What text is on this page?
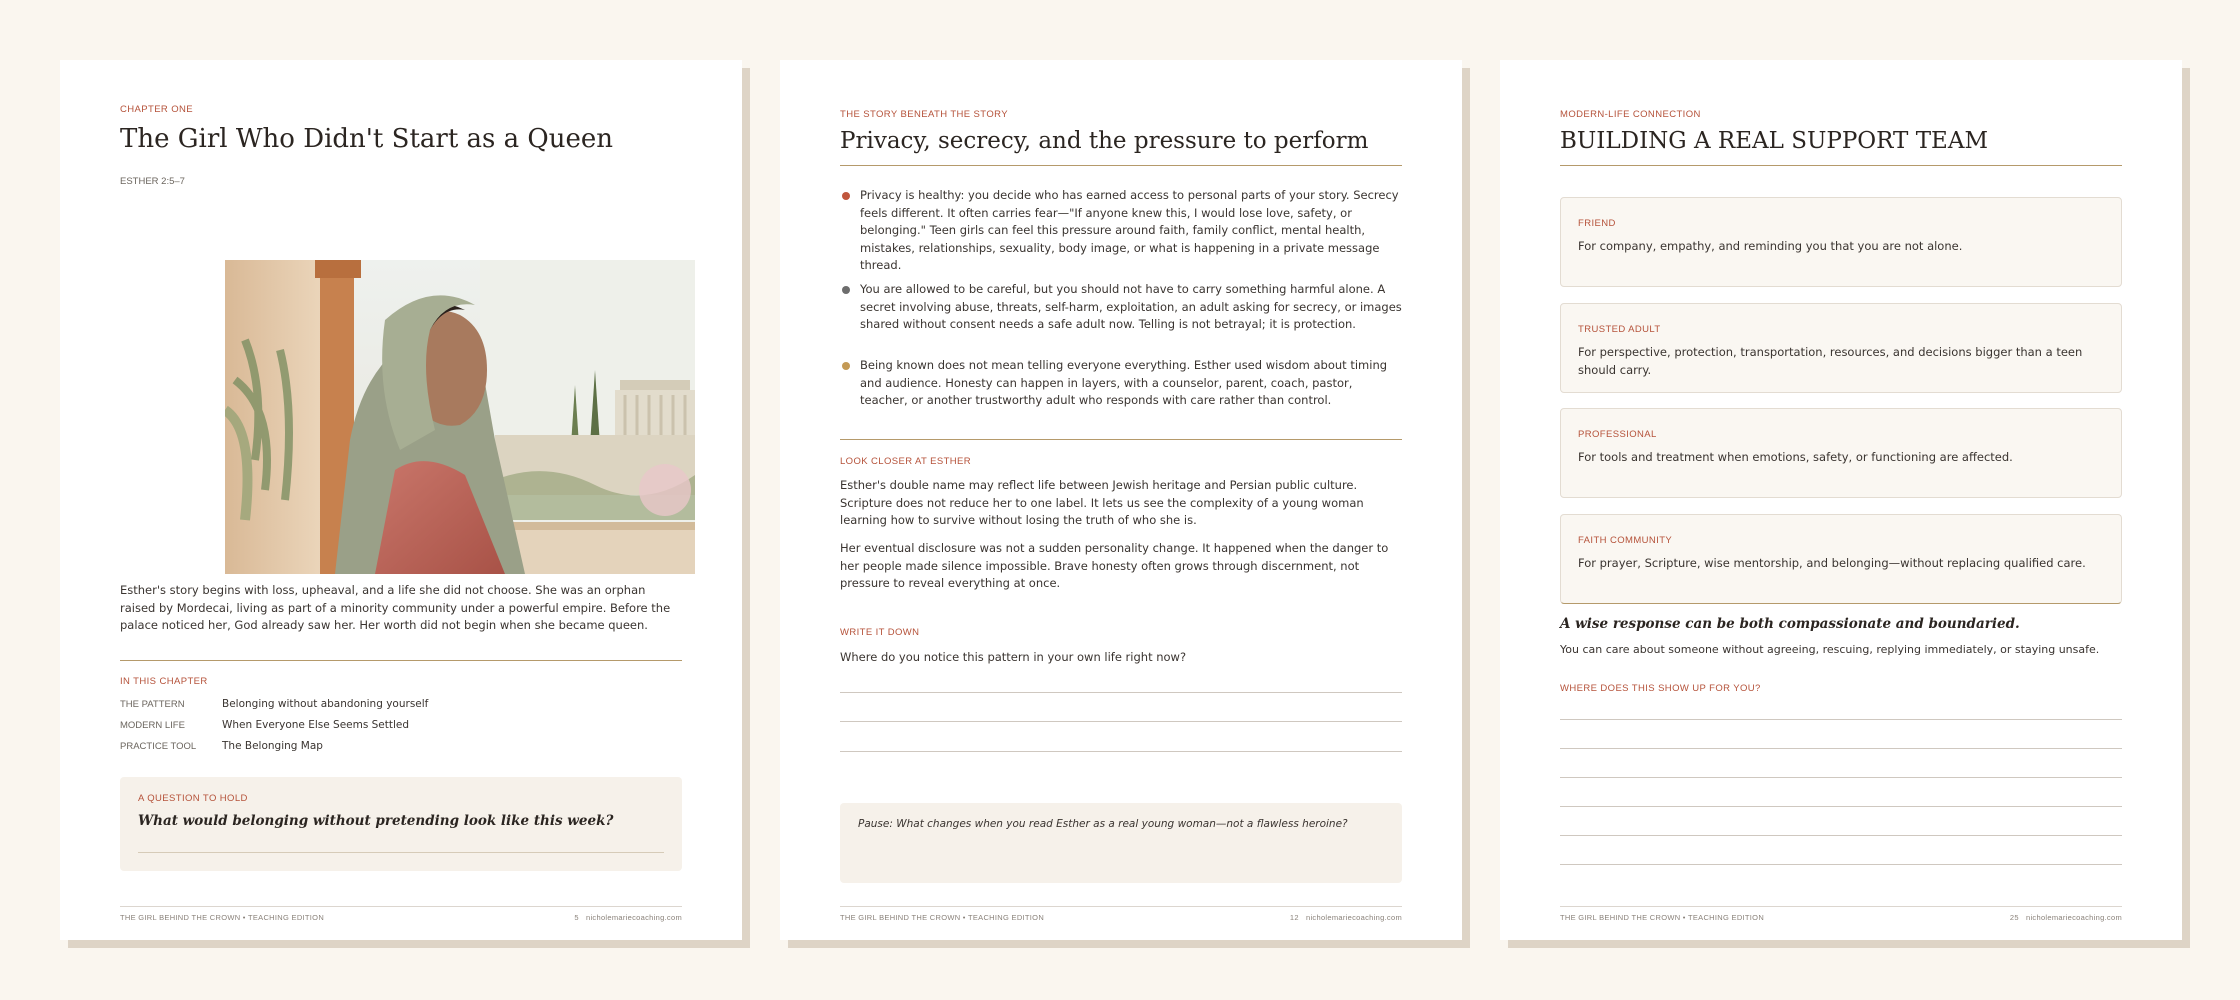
CHAPTER ONE
The Girl Who Didn't Start as a Queen
ESTHER 2:5–7
Esther's story begins with loss, upheaval, and a life she did not choose. She was an orphan raised by Mordecai, living as part of a minority community under a powerful empire. Before the palace noticed her, God already saw her. Her worth did not begin when she became queen.
IN THIS CHAPTER
THE PATTERN	Belonging without abandoning yourself
MODERN LIFE	When Everyone Else Seems Settled
PRACTICE TOOL The Belonging Map
A QUESTION TO HOLD
What would belonging without pretending look like this week?
THE GIRL BEHIND THE CROWN • TEACHING EDITION	5 nicholemariecoaching.com
THE STORY BENEATH THE STORY
Privacy, secrecy, and the pressure to perform
Privacy is healthy: you decide who has earned access to personal parts of your story. Secrecy feels different. It often carries fear—"If anyone knew this, I would lose love, safety, or belonging." Teen girls can feel this pressure around faith, family conflict, mental health, mistakes, relationships, sexuality, body image, or what is happening in a private message thread.
You are allowed to be careful, but you should not have to carry something harmful alone. A secret involving abuse, threats, self-harm, exploitation, an adult asking for secrecy, or images shared without consent needs a safe adult now. Telling is not betrayal; it is protection.
Being known does not mean telling everyone everything. Esther used wisdom about timing and audience. Honesty can happen in layers, with a counselor, parent, coach, pastor, teacher, or another trustworthy adult who responds with care rather than control.
LOOK CLOSER AT ESTHER
Esther's double name may reflect life between Jewish heritage and Persian public culture. Scripture does not reduce her to one label. It lets us see the complexity of a young woman learning how to survive without losing the truth of who she is.
Her eventual disclosure was not a sudden personality change. It happened when the danger to her people made silence impossible. Brave honesty often grows through discernment, not pressure to reveal everything at once.
WRITE IT DOWN
Where do you notice this pattern in your own life right now?
Pause: What changes when you read Esther as a real young woman—not a flawless heroine?
THE GIRL BEHIND THE CROWN • TEACHING EDITION	12 nicholemariecoaching.com
MODERN-LIFE CONNECTION
BUILDING A REAL SUPPORT TEAM
FRIEND
For company, empathy, and reminding you that you are not alone.
TRUSTED ADULT
For perspective, protection, transportation, resources, and decisions bigger than a teen should carry.
PROFESSIONAL
For tools and treatment when emotions, safety, or functioning are affected.
FAITH COMMUNITY
For prayer, Scripture, wise mentorship, and belonging—without replacing qualified care.
A wise response can be both compassionate and boundaried.
You can care about someone without agreeing, rescuing, replying immediately, or staying unsafe.
WHERE DOES THIS SHOW UP FOR YOU?
THE GIRL BEHIND THE CROWN • TEACHING EDITION	25 nicholemariecoaching.com
